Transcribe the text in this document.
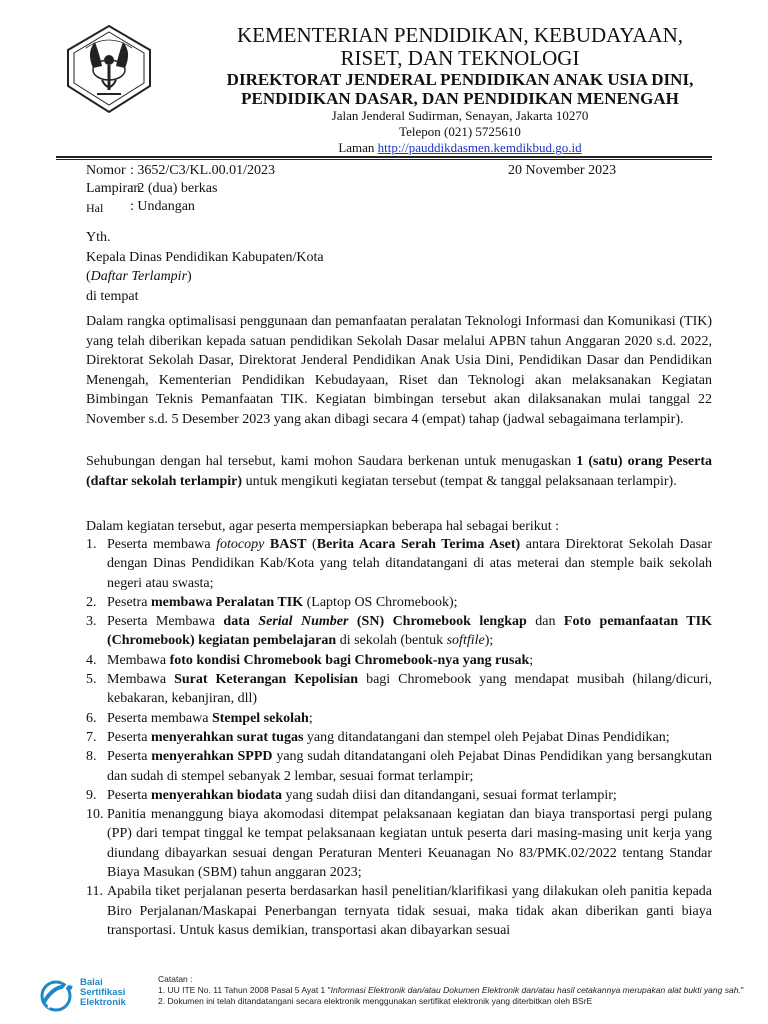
KEMENTERIAN PENDIDIKAN, KEBUDAYAAN,
RISET, DAN TEKNOLOGI
DIREKTORAT JENDERAL PENDIDIKAN ANAK USIA DINI,
PENDIDIKAN DASAR, DAN PENDIDIKAN MENENGAH
Jalan Jenderal Sudirman, Senayan, Jakarta 10270
Telepon (021) 5725610
Laman http://pauddikdasmen.kemdikbud.go.id
Nomor : 3652/C3/KL.00.01/2023	20 November 2023
Lampiran
: 2 (dua) berkas
Hal : Undangan
Yth.
Kepala Dinas Pendidikan Kabupaten/Kota
(Daftar Terlampir)
di tempat
Dalam rangka optimalisasi penggunaan dan pemanfaatan peralatan Teknologi Informasi dan Komunikasi (TIK) yang telah diberikan kepada satuan pendidikan Sekolah Dasar melalui APBN tahun Anggaran 2020 s.d. 2022, Direktorat Sekolah Dasar, Direktorat Jenderal Pendidikan Anak Usia Dini, Pendidikan Dasar dan Pendidikan Menengah, Kementerian Pendidikan Kebudayaan, Riset dan Teknologi akan melaksanakan Kegiatan Bimbingan Teknis Pemanfaatan TIK. Kegiatan bimbingan tersebut akan dilaksanakan mulai tanggal 22 November s.d. 5 Desember 2023 yang akan dibagi secara 4 (empat) tahap (jadwal sebagaimana terlampir).
Sehubungan dengan hal tersebut, kami mohon Saudara berkenan untuk menugaskan 1 (satu) orang Peserta (daftar sekolah terlampir) untuk mengikuti kegiatan tersebut (tempat & tanggal pelaksanaan terlampir).
Dalam kegiatan tersebut, agar peserta mempersiapkan beberapa hal sebagai berikut :
1. Peserta membawa fotocopy BAST (Berita Acara Serah Terima Aset) antara Direktorat Sekolah Dasar dengan Dinas Pendidikan Kab/Kota yang telah ditandatangani di atas meterai dan stemple baik sekolah negeri atau swasta;
2. Pesetra membawa Peralatan TIK (Laptop OS Chromebook);
3. Peserta Membawa data Serial Number (SN) Chromebook lengkap dan Foto pemanfaatan TIK (Chromebook) kegiatan pembelajaran di sekolah (bentuk softfile);
4. Membawa foto kondisi Chromebook bagi Chromebook-nya yang rusak;
5. Membawa Surat Keterangan Kepolisian bagi Chromebook yang mendapat musibah (hilang/dicuri, kebakaran, kebanjiran, dll)
6. Peserta membawa Stempel sekolah;
7. Peserta menyerahkan surat tugas yang ditandatangani dan stempel oleh Pejabat Dinas Pendidikan;
8. Peserta menyerahkan SPPD yang sudah ditandatangani oleh Pejabat Dinas Pendidikan yang bersangkutan dan sudah di stempel sebanyak 2 lembar, sesuai format terlampir;
9. Peserta menyerahkan biodata yang sudah diisi dan ditandangani, sesuai format terlampir;
10. Panitia menanggung biaya akomodasi ditempat pelaksanaan kegiatan dan biaya transportasi pergi pulang (PP) dari tempat tinggal ke tempat pelaksanaan kegiatan untuk peserta dari masing-masing unit kerja yang diundang dibayarkan sesuai dengan Peraturan Menteri Keuanagan No 83/PMK.02/2022 tentang Standar Biaya Masukan (SBM) tahun anggaran 2023;
11. Apabila tiket perjalanan peserta berdasarkan hasil penelitian/klarifikasi yang dilakukan oleh panitia kepada Biro Perjalanan/Maskapai Penerbangan ternyata tidak sesuai, maka tidak akan diberikan ganti biaya transportasi. Untuk kasus demikian, transportasi akan dibayarkan sesuai
Balai
Sertifikasi
Elektronik
Catatan :
1. UU ITE No. 11 Tahun 2008 Pasal 5 Ayat 1 "Informasi Elektronik dan/atau Dokumen Elektronik dan/atau hasil cetakannya merupakan alat bukti yang sah."
2. Dokumen ini telah ditandatangani secara elektronik menggunakan sertifikat elektronik yang diterbitkan oleh BSrE
